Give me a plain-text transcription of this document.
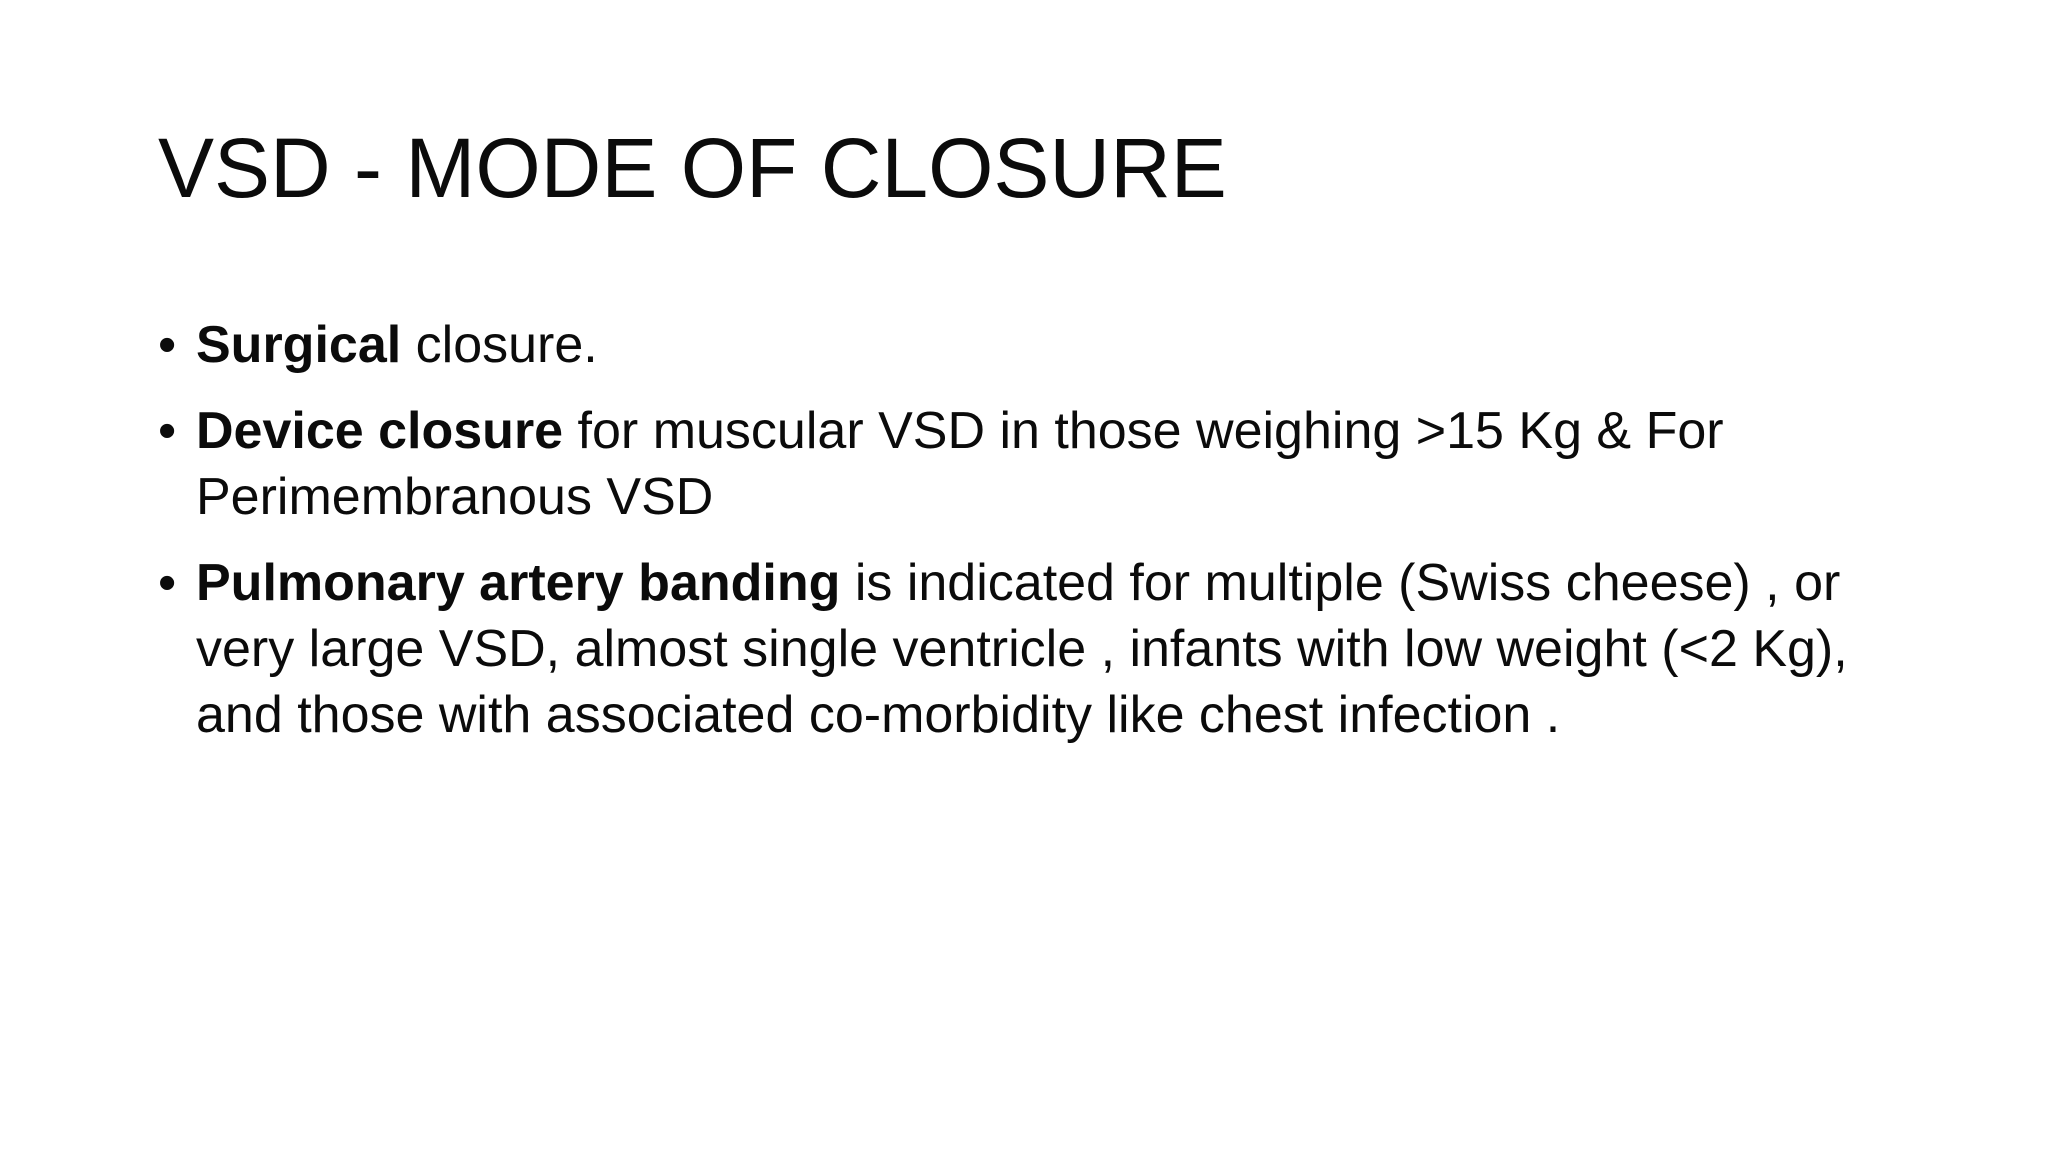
VSD - MODE OF CLOSURE
• Surgical closure.
• Device closure for muscular VSD in those weighing >15 Kg & For Perimembranous VSD
• Pulmonary artery banding is indicated for multiple (Swiss cheese) , or very large VSD, almost single ventricle , infants with low weight (<2 Kg), and those with associated co-morbidity like chest infection .
